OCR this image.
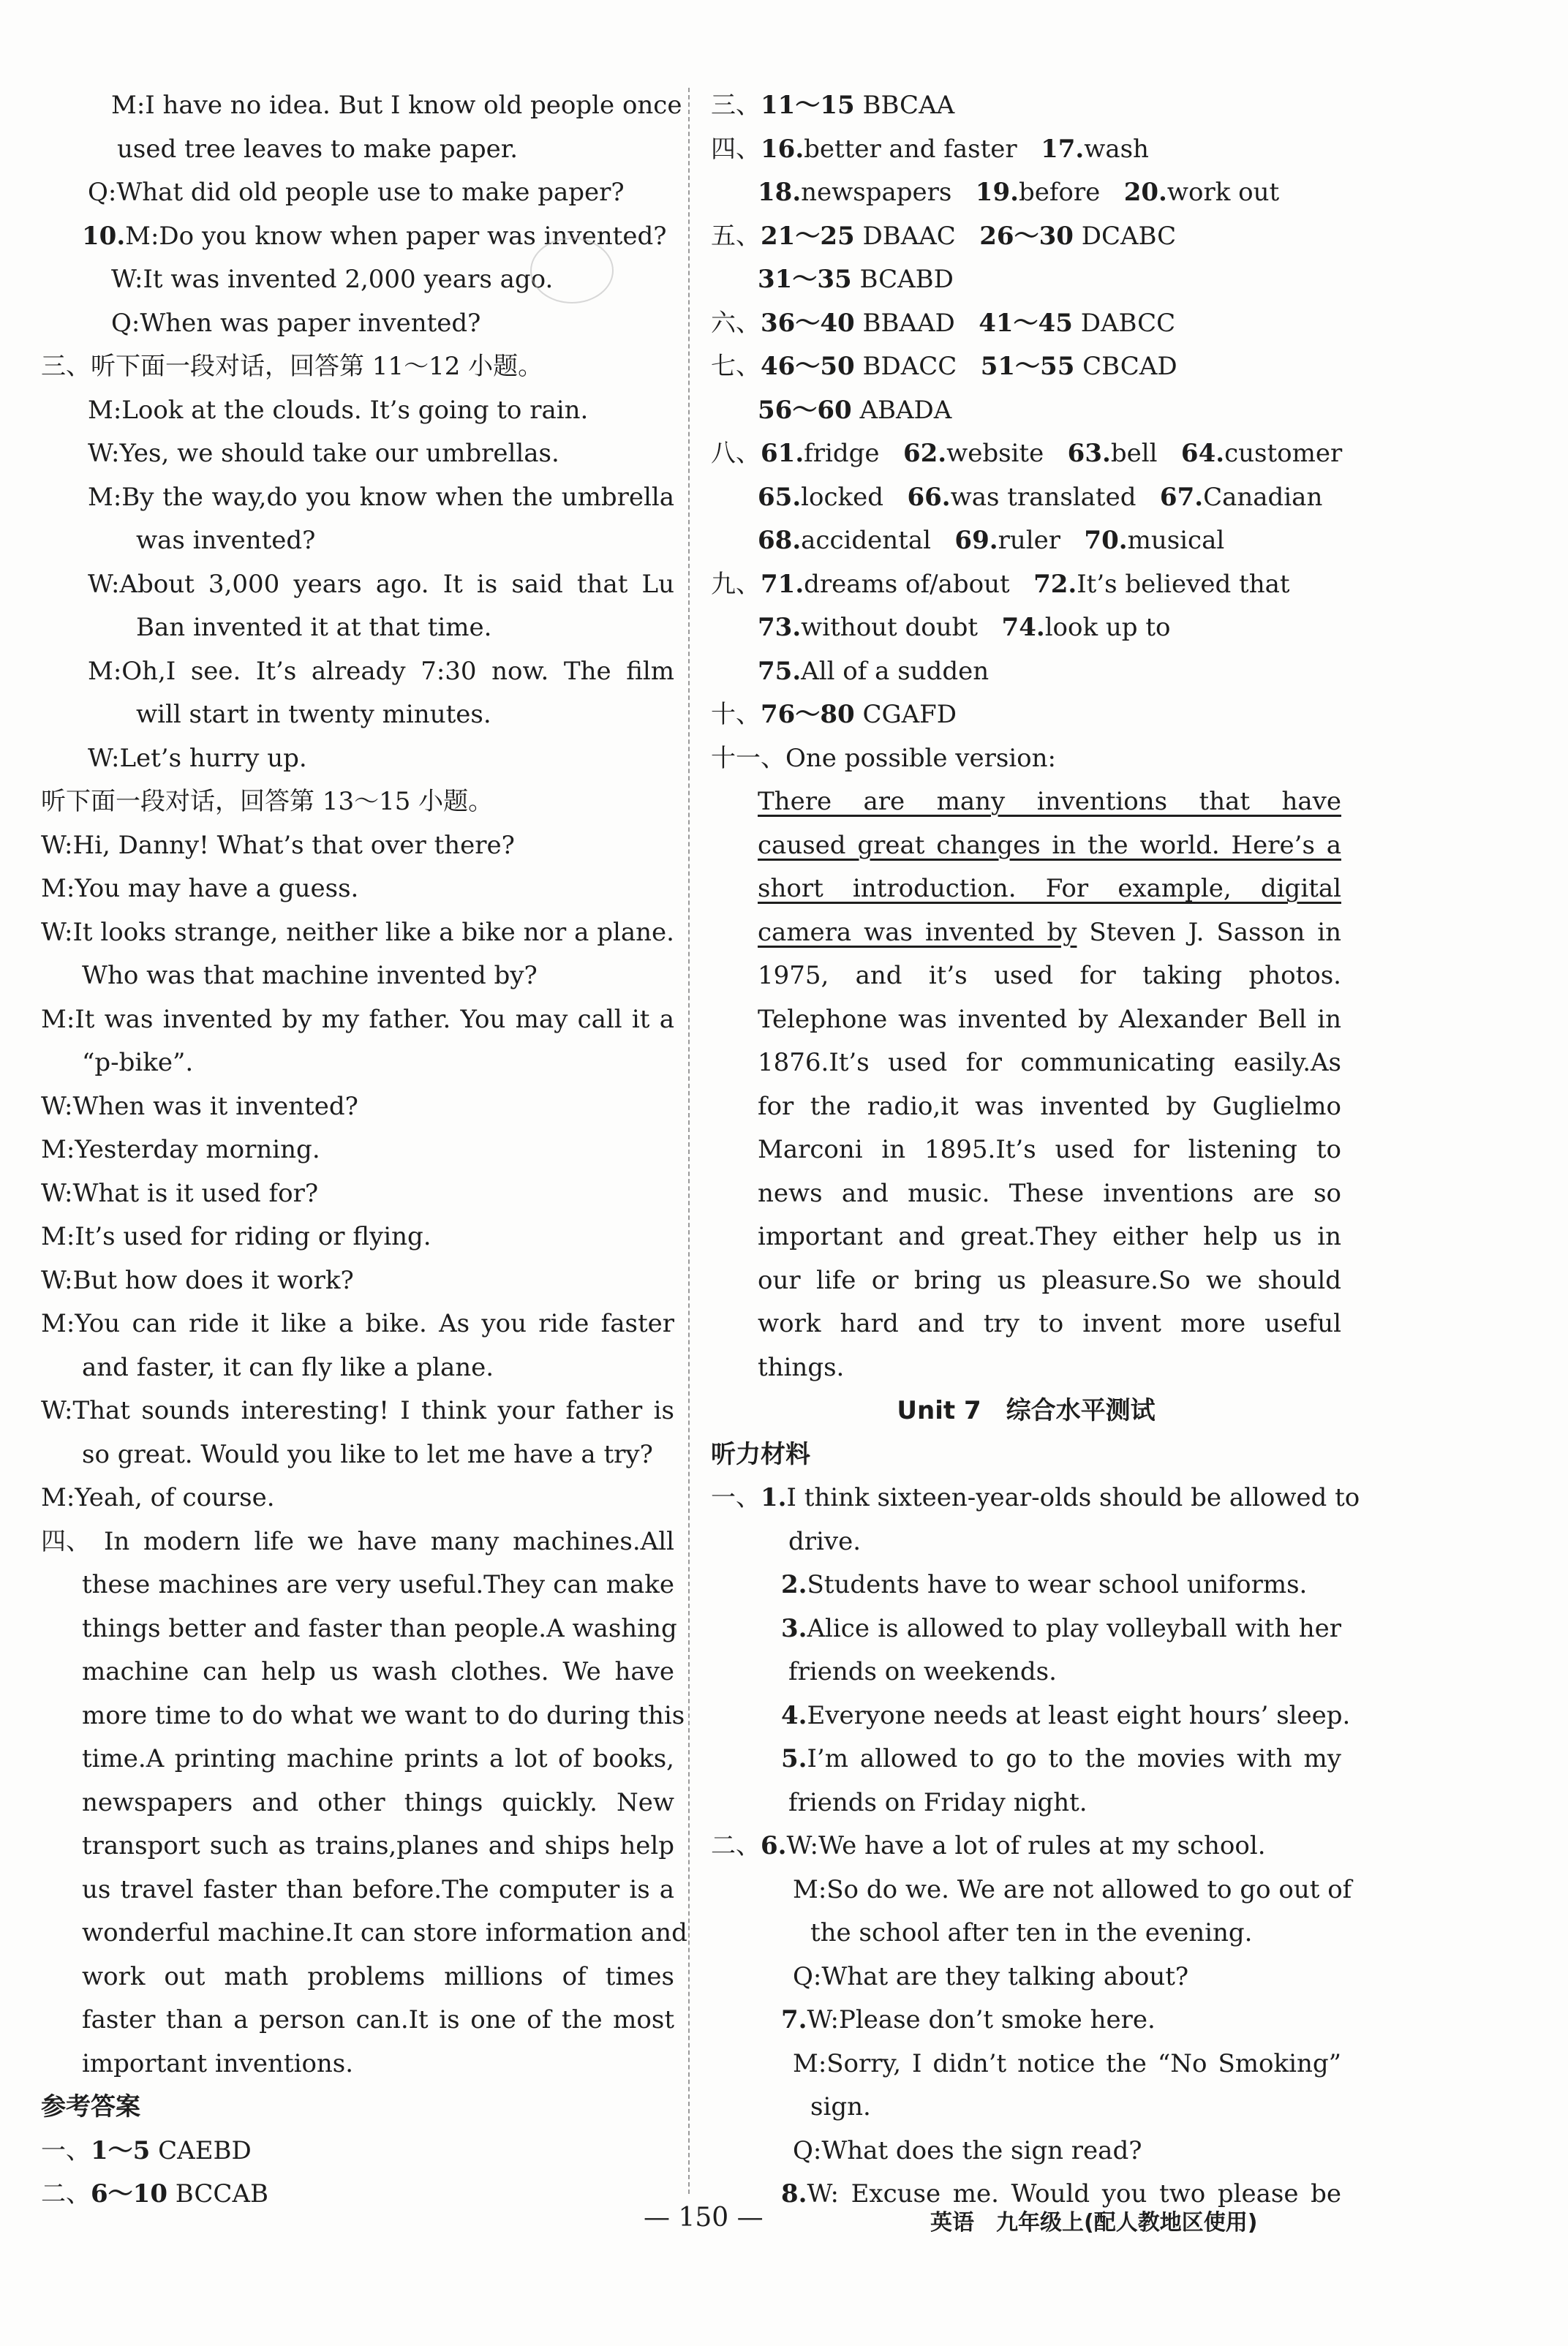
M:I have no idea. But I know old people once
used tree leaves to make paper.
Q:What did old people use to make paper?
10.M:Do you know when paper was invented?
W:It was invented 2,000 years ago.
Q:When was paper invented?
三、听下面一段对话，回答第 11～12 小题。
M:Look at the clouds. It’s going to rain.
W:Yes, we should take our umbrellas.
M:By the way,do you know when the umbrella
was invented?
W:About 3,000 years ago. It is said that Lu
Ban invented it at that time.
M:Oh,I see. It’s already 7:30 now. The film
will start in twenty minutes.
W:Let’s hurry up.
听下面一段对话，回答第 13～15 小题。
W:Hi, Danny! What’s that over there?
M:You may have a guess.
W:It looks strange, neither like a bike nor a plane.
Who was that machine invented by?
M:It was invented by my father. You may call it a
“p-bike”.
W:When was it invented?
M:Yesterday morning.
W:What is it used for?
M:It’s used for riding or flying.
W:But how does it work?
M:You can ride it like a bike. As you ride faster
and faster, it can fly like a plane.
W:That sounds interesting! I think your father is
so great. Would you like to let me have a try?
M:Yeah, of course.
四、 In modern life we have many machines.All
these machines are very useful.They can make
things better and faster than people.A washing
machine can help us wash clothes. We have
more time to do what we want to do during this
time.A printing machine prints a lot of books,
newspapers and other things quickly. New
transport such as trains,planes and ships help
us travel faster than before.The computer is a
wonderful machine.It can store information and
work out math problems millions of times
faster than a person can.It is one of the most
important inventions.
参考答案
一、1～5 CAEBD
二、6～10 BCCAB
三、11～15 BBCAA
四、16.better and faster 17.wash
18.newspapers 19.before 20.work out
五、21～25 DBAAC 26～30 DCABC
31～35 BCABD
六、36～40 BBAAD 41～45 DABCC
七、46～50 BDACC 51～55 CBCAD
56～60 ABADA
八、61.fridge 62.website 63.bell 64.customer
65.locked 66.was translated 67.Canadian
68.accidental 69.ruler 70.musical
九、71.dreams of/about 72.It’s believed that
73.without doubt 74.look up to
75.All of a sudden
十、76～80 CGAFD
十一、One possible version:
There are many inventions that have
caused great changes in the world. Here’s a
short introduction. For example, digital
camera was invented by Steven J. Sasson in
1975, and it’s used for taking photos.
Telephone was invented by Alexander Bell in
1876.It’s used for communicating easily.As
for the radio,it was invented by Guglielmo
Marconi in 1895.It’s used for listening to
news and music. These inventions are so
important and great.They either help us in
our life or bring us pleasure.So we should
work hard and try to invent more useful
things.
Unit 7　综合水平测试
听力材料
一、1.I think sixteen-year-olds should be allowed to
drive.
2.Students have to wear school uniforms.
3.Alice is allowed to play volleyball with her
friends on weekends.
4.Everyone needs at least eight hours’ sleep.
5.I’m allowed to go to the movies with my
friends on Friday night.
二、6.W:We have a lot of rules at my school.
M:So do we. We are not allowed to go out of
the school after ten in the evening.
Q:What are they talking about?
7.W:Please don’t smoke here.
M:Sorry, I didn’t notice the “No Smoking”
sign.
Q:What does the sign read?
8.W: Excuse me. Would you two please be
— 150 —	英语　九年级上(配人教地区使用)
